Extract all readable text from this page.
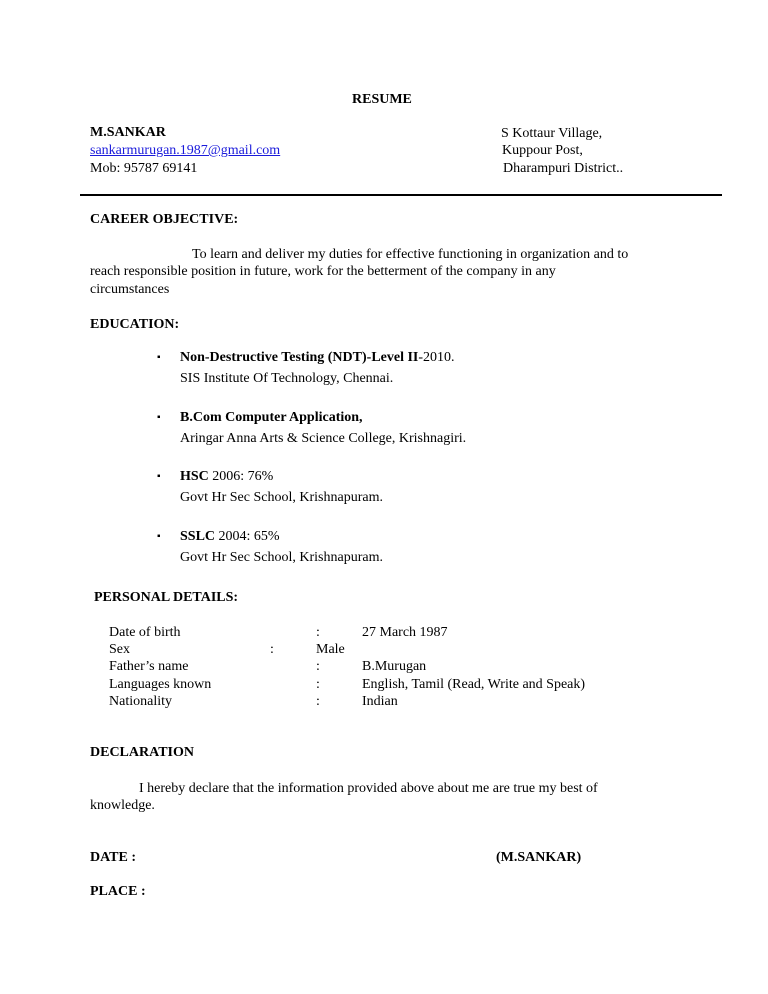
RESUME
M.SANKAR
sankarmurugan.1987@gmail.com
Mob: 95787 69141
S Kottaur Village,
Kuppour Post,
Dharampuri District..
CAREER OBJECTIVE:
To learn and deliver my duties for effective functioning in organization and to
reach responsible position in future, work for the betterment of the company in any
circumstances
EDUCATION:
▪ Non-Destructive Testing (NDT)-Level II-2010.
SIS Institute Of Technology, Chennai.
▪ B.Com Computer Application,
Aringar Anna Arts & Science College, Krishnagiri.
▪ HSC 2006: 76%
Govt Hr Sec School, Krishnapuram.
▪ SSLC 2004: 65%
Govt Hr Sec School, Krishnapuram.
PERSONAL DETAILS:
Date of birth	:	27 March 1987
Sex	:	Male
Father’s name	:	B.Murugan
Languages known	:	English, Tamil (Read, Write and Speak)
Nationality	:	Indian
DECLARATION
I hereby declare that the information provided above about me are true my best of
knowledge.
DATE :	(M.SANKAR)
PLACE :
